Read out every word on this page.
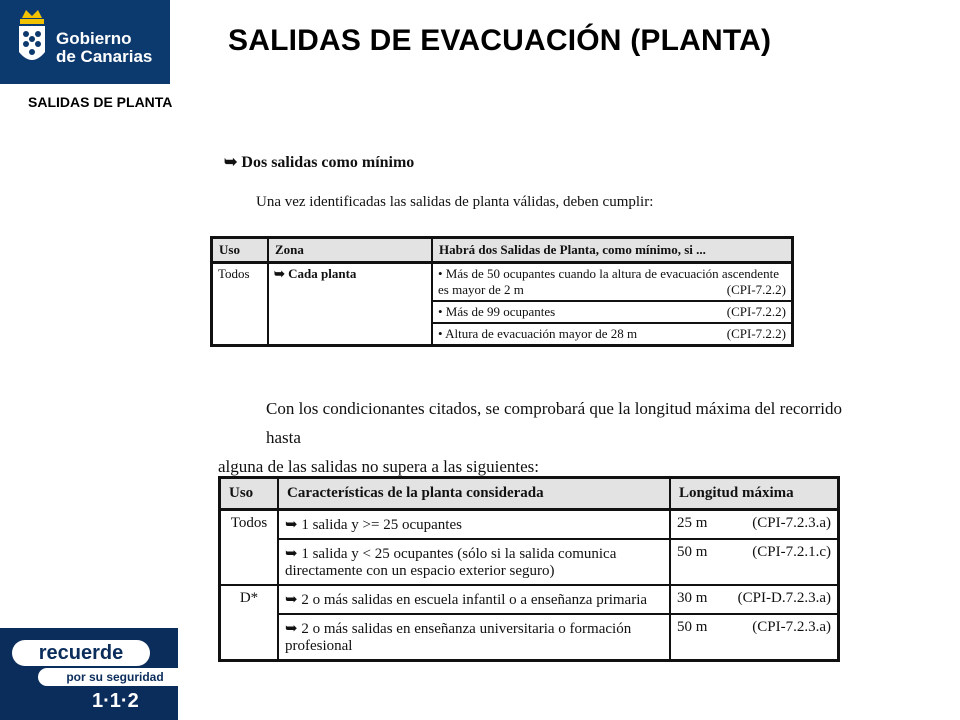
Gobierno
de Canarias	SALIDAS DE EVACUACIÓN (PLANTA)
SALIDAS DE PLANTA
➥ Dos salidas como mínimo
Una vez identificadas las salidas de planta válidas, deben cumplir:
Uso	Zona	Habrá dos Salidas de Planta, como mínimo, si ...
Todos	➥ Cada planta	• Más de 50 ocupantes cuando la altura de evacuación ascendente es mayor de 2 m (CPI-7.2.2)

		• Más de 99 ocupantes (CPI-7.2.2)

		• Altura de evacuación mayor de 28 m (CPI-7.2.2)
Con los condicionantes citados, se comprobará que la longitud máxima del recorrido hasta
alguna de las salidas no supera a las siguientes:
Uso	Características de la planta considerada	Longitud máxima
Todos	➥ 1 salida y >= 25 ocupantes	25 m (CPI-7.2.3.a)

	➥ 1 salida y < 25 ocupantes (sólo si la salida comunica directamente con un espacio exterior seguro)	50 m (CPI-7.2.1.c)

D*	➥ 2 o más salidas en escuela infantil o a enseñanza primaria	30 m (CPI-D.7.2.3.a)

	➥ 2 o más salidas en enseñanza universitaria o formación profesional	50 m (CPI-7.2.3.a)
recuerde
por su seguridad
1·1·2
